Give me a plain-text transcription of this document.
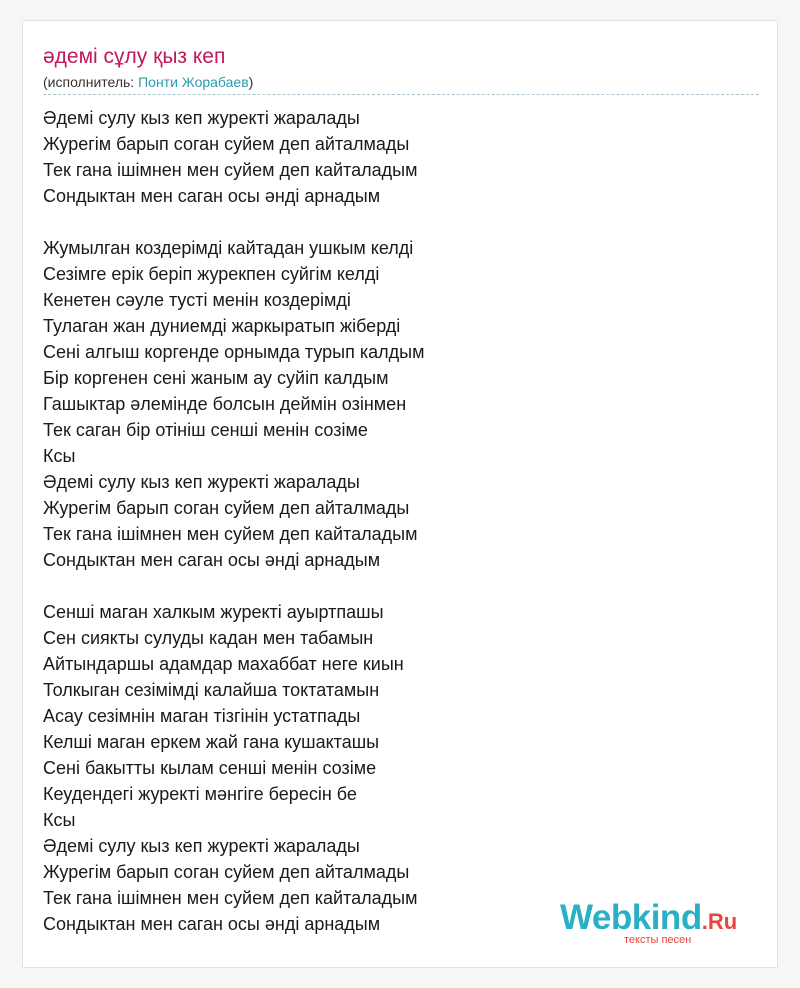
әдемі сұлу қыз кеп
(исполнитель: Понти Жорабаев)
Әдемі сулу кыз кеп журекті жаралады
Журегім барып соган суйем деп айталмады
Тек гана ішімнен мен суйем деп кайталадым
Сондыктан мен саган осы әнді арнадым
Жумылган коздерімді кайтадан ушкым келді
Сезімге ерік беріп журекпен суйгім келді
Кенетен сәуле тусті менін коздерімді
Тулаган жан дуниемді жаркыратып жіберді
Сені алгыш коргенде орнымда турып калдым
Бір коргенен сені жаным ау суйіп калдым
Гашыктар әлемінде болсын деймін озінмен
Тек саган бір отініш сенші менін созіме
Ксы
Әдемі сулу кыз кеп журекті жаралады
Журегім барып соган суйем деп айталмады
Тек гана ішімнен мен суйем деп кайталадым
Сондыктан мен саган осы әнді арнадым
Сенші маган халкым журекті ауыртпашы
Сен сиякты сулуды кадан мен табамын
Айтындаршы адамдар махаббат неге киын
Толкыган сезімімді калайша токтатамын
Асау сезімнін маган тізгінін устатпады
Келші маган еркем жай гана кушакташы
Сені бакытты кылам сенші менін созіме
Кеудендегі журекті мәнгіге бересін бе
Ксы
Әдемі сулу кыз кеп журекті жаралады
Журегім барып соган суйем деп айталмады
Тек гана ішімнен мен суйем деп кайталадым
Сондыктан мен саган осы әнді арнадым	Webkind.Ru
тексты песен
